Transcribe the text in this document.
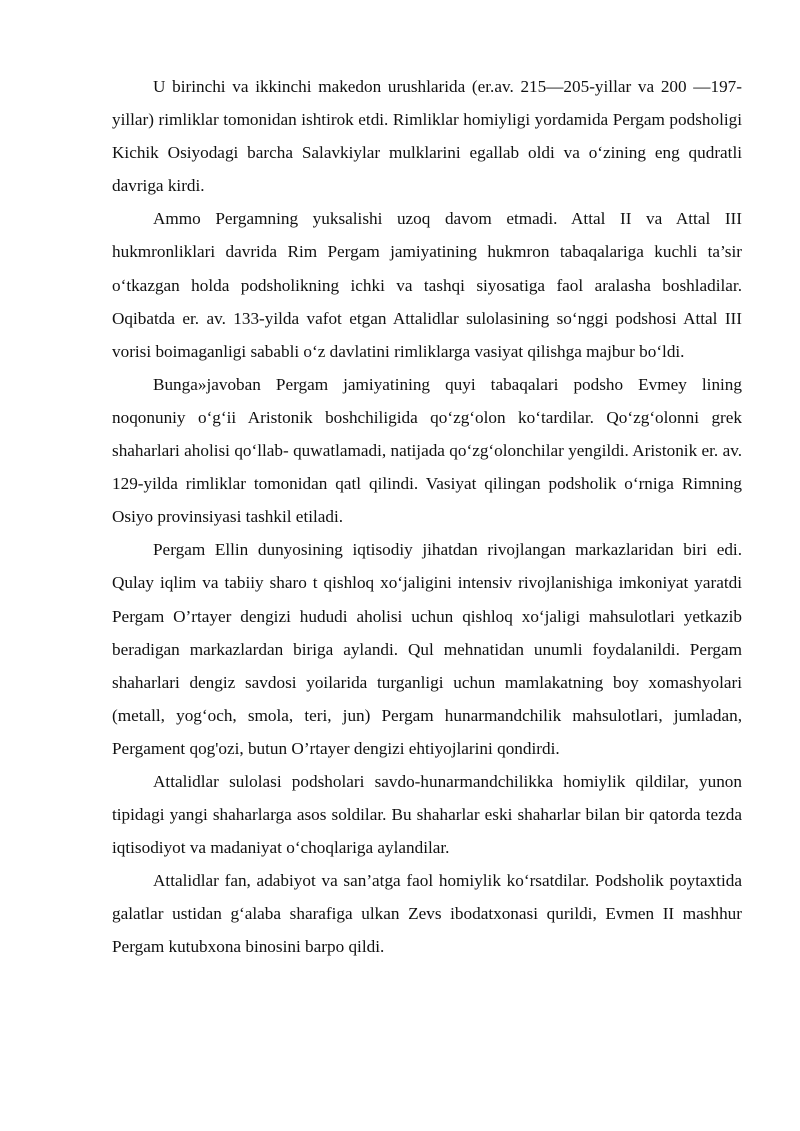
U birinchi va ikkinchi makedon urushlarida (er.av. 215—205-yillar va 200 —197-yillar) rimliklar tomonidan ishtirok etdi. Rimliklar homiyligi yordamida Pergam podsholigi Kichik Osiyodagi barcha Salavkiylar mulklarini egallab oldi va o‘zining eng qudratli davriga kirdi.

Ammo Pergamning yuksalishi uzoq davom etmadi. Attal II va Attal III hukmronliklari davrida Rim Pergam jamiyatining hukmron tabaqalariga kuchli ta’sir o‘tkazgan holda podsholikning ichki va tashqi siyosatiga faol aralasha boshladilar. Oqibatda er. av. 133-yilda vafot etgan Attalidlar sulolasining so‘nggi podshosi Attal III vorisi boimaganligi sababli o‘z davlatini rimliklarga vasiyat qilishga majbur bo‘ldi.

Bunga»javoban Pergam jamiyatining quyi tabaqalari podsho Evmey lining noqonuniy o‘g‘ii Aristonik boshchiligida qo‘zg‘olon ko‘tardilar. Qo‘zg‘olonni grek shaharlari aholisi qo‘llab- quwatlamadi, natijada qo‘zg‘olonchilar yengildi. Aristonik er. av. 129-yilda rimliklar tomonidan qatl qilindi. Vasiyat qilingan podsholik o‘rniga Rimning Osiyo provinsiyasi tashkil etiladi.

Pergam Ellin dunyosining iqtisodiy jihatdan rivojlangan markazlaridan biri edi. Qulay iqlim va tabiiy sharo t qishloq xo‘jaligini intensiv rivojlanishiga imkoniyat yaratdi Pergam O’rtayer dengizi hududi aholisi uchun qishloq xo‘jaligi mahsulotlari yetkazib beradigan markazlardan biriga aylandi. Qul mehnatidan unumli foydalanildi. Pergam shaharlari dengiz savdosi yoilarida turganligi uchun mamlakatning boy xomashyolari (metall, yog‘och, smola, teri, jun) Pergam hunarmandchilik mahsulotlari, jumladan, Pergament qog'ozi, butun O’rtayer dengizi ehtiyojlarini qondirdi.

Attalidlar sulolasi podsholari savdo-hunarmandchilikka homiylik qildilar, yunon tipidagi yangi shaharlarga asos soldilar. Bu shaharlar eski shaharlar bilan bir qatorda tezda iqtisodiyot va madaniyat o‘choqlariga aylandilar.

Attalidlar fan, adabiyot va san’atga faol homiylik ko‘rsatdilar. Podsholik poytaxtida galatlar ustidan g‘alaba sharafiga ulkan Zevs ibodatxonasi qurildi, Evmen II mashhur Pergam kutubxona binosini barpo qildi.
